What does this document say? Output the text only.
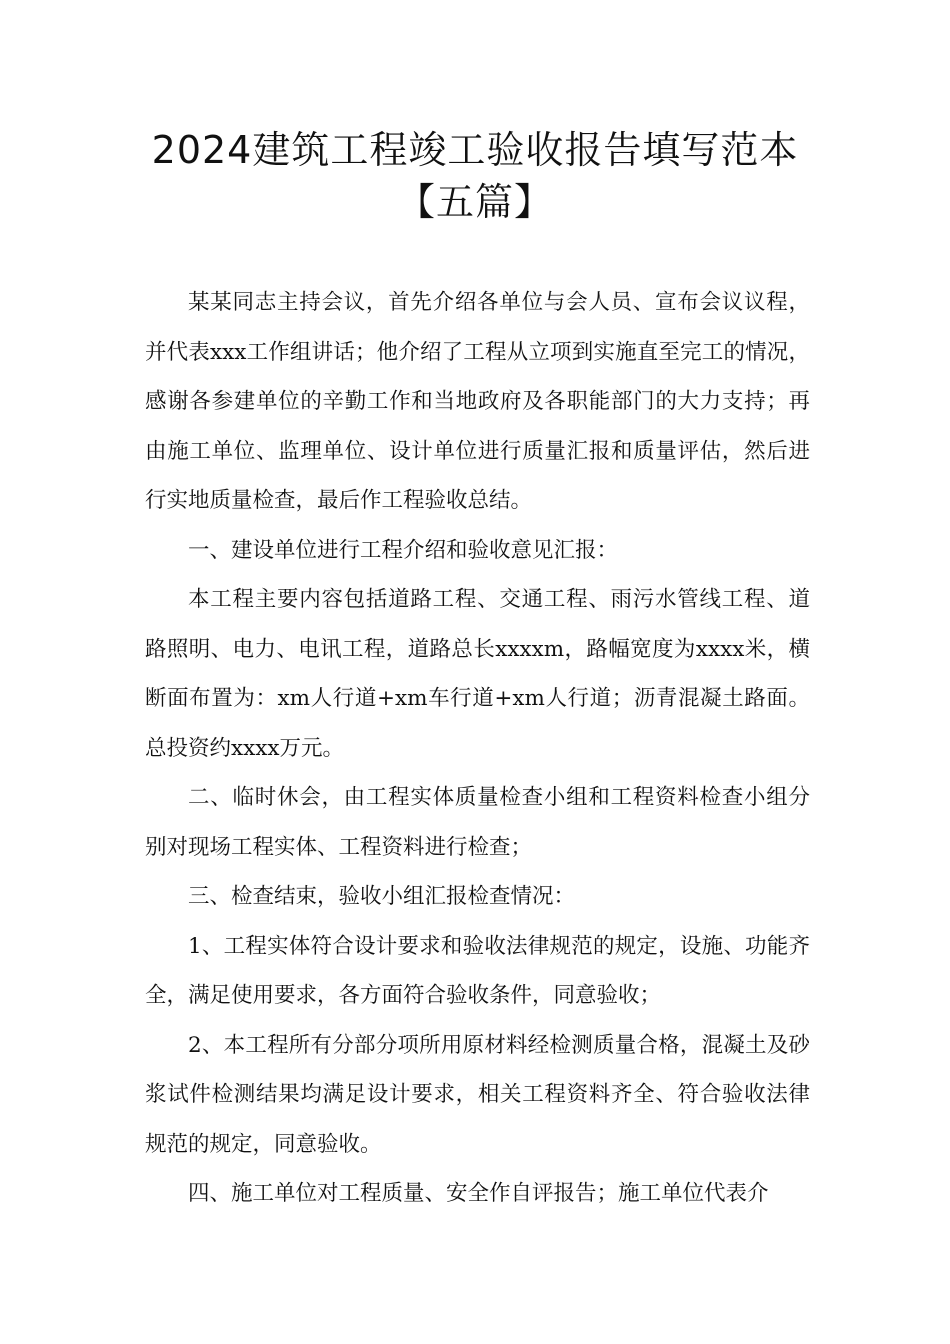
2024建筑工程竣工验收报告填写范本
【五篇】

某某同志主持会议，首先介绍各单位与会人员、宣布会议议程，并代表xxx工作组讲话；他介绍了工程从立项到实施直至完工的情况，感谢各参建单位的辛勤工作和当地政府及各职能部门的大力支持；再由施工单位、监理单位、设计单位进行质量汇报和质量评估，然后进行实地质量检查，最后作工程验收总结。

一、建设单位进行工程介绍和验收意见汇报：

本工程主要内容包括道路工程、交通工程、雨污水管线工程、道路照明、电力、电讯工程，道路总长xxxxm，路幅宽度为xxxx米，横断面布置为：xm人行道+xm车行道+xm人行道；沥青混凝土路面。总投资约xxxx万元。

二、临时休会，由工程实体质量检查小组和工程资料检查小组分别对现场工程实体、工程资料进行检查；

三、检查结束，验收小组汇报检查情况：

1、工程实体符合设计要求和验收法律规范的规定，设施、功能齐全，满足使用要求，各方面符合验收条件，同意验收；

2、本工程所有分部分项所用原材料经检测质量合格，混凝土及砂浆试件检测结果均满足设计要求，相关工程资料齐全、符合验收法律规范的规定，同意验收。

四、施工单位对工程质量、安全作自评报告；施工单位代表介
